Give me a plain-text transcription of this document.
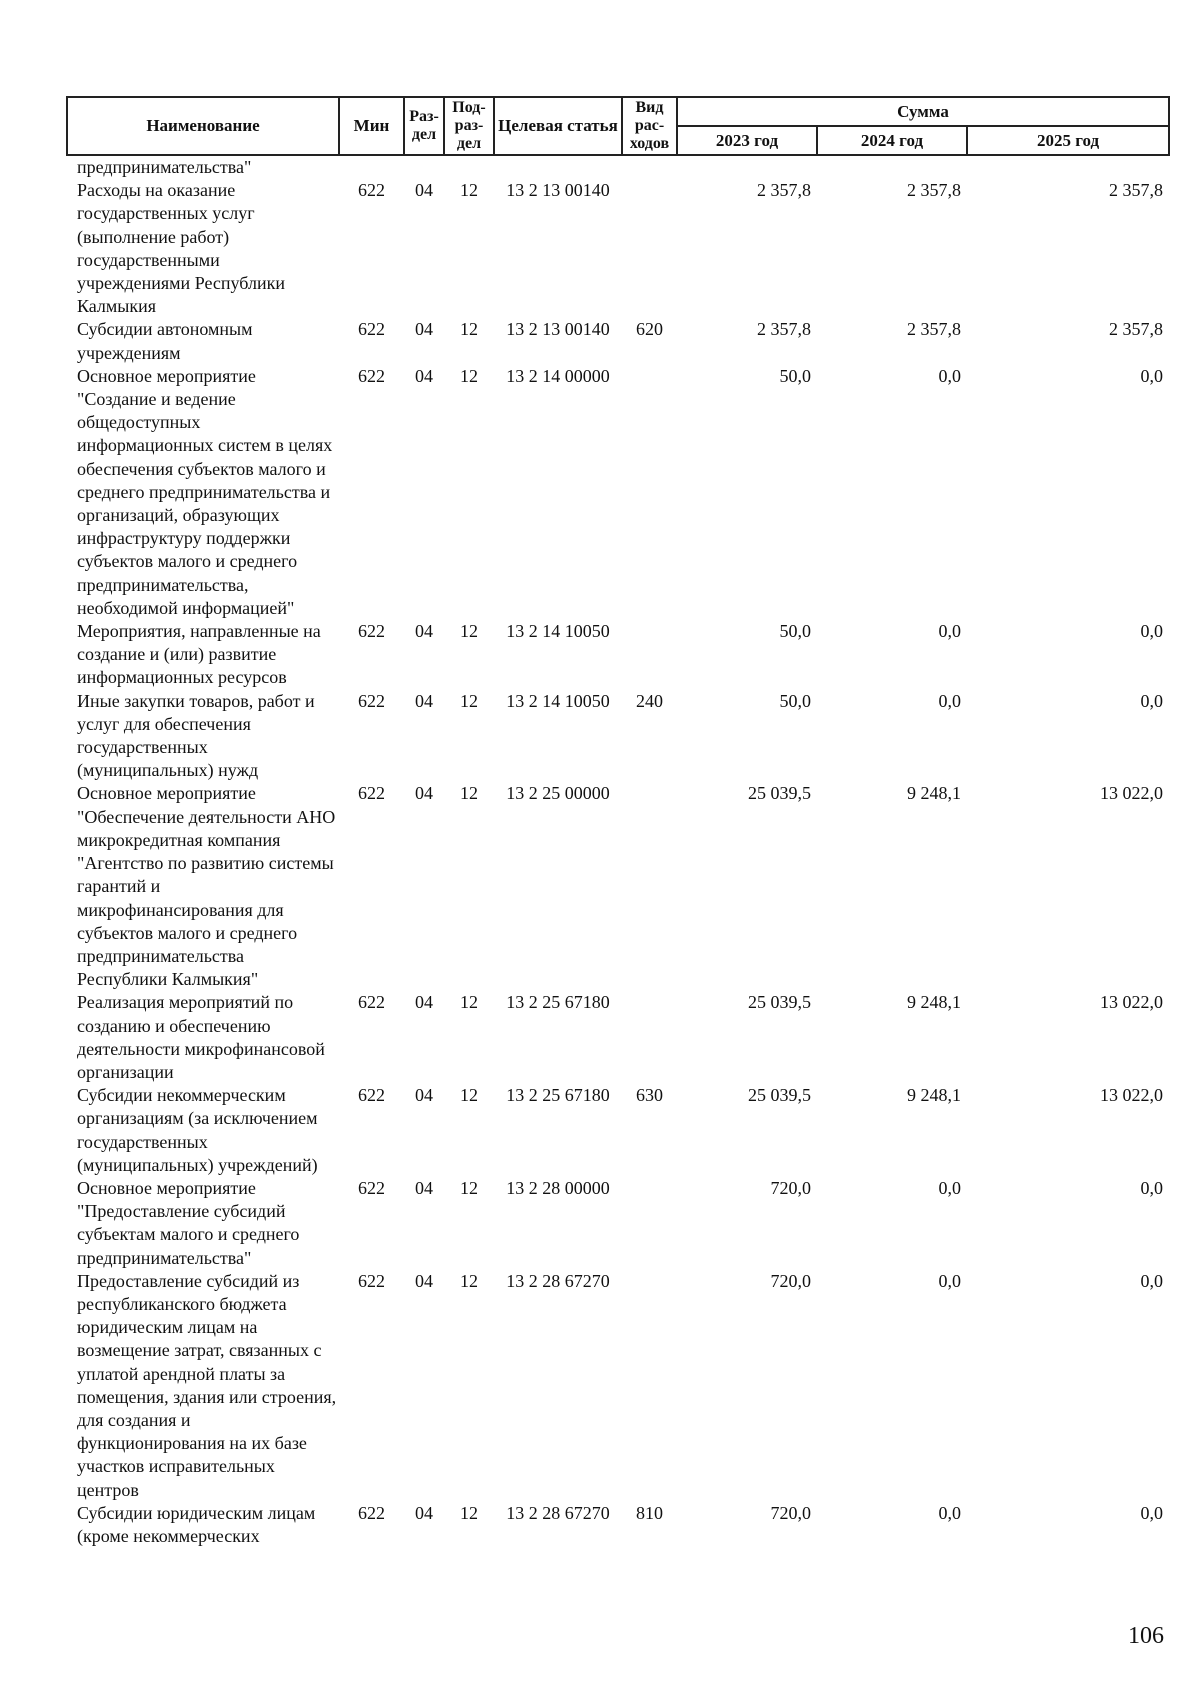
Наименование	Мин	Раз-дел	Под-раз-дел	Целевая статья	Вид рас-ходов	Сумма		
						2023 год	2024 год	2025 год
предпринимательства"								
Расходы на оказание государственных услуг (выполнение работ) государственными учреждениями Республики Калмыкия	622	04	12	13 2 13 00140		2 357,8	2 357,8	2 357,8
Субсидии автономным учреждениям	622	04	12	13 2 13 00140	620	2 357,8	2 357,8	2 357,8
Основное мероприятие "Создание и ведение общедоступных информационных систем в целях обеспечения субъектов малого и среднего предпринимательства и организаций, образующих инфраструктуру поддержки субъектов малого и среднего предпринимательства, необходимой информацией"	622	04	12	13 2 14 00000		50,0	0,0	0,0
Мероприятия, направленные на создание и (или) развитие информационных ресурсов	622	04	12	13 2 14 10050		50,0	0,0	0,0
Иные закупки товаров, работ и услуг для обеспечения государственных (муниципальных) нужд	622	04	12	13 2 14 10050	240	50,0	0,0	0,0
Основное мероприятие "Обеспечение деятельности АНО микрокредитная компания "Агентство по развитию системы гарантий и микрофинансирования для субъектов малого и среднего предпринимательства Республики Калмыкия"	622	04	12	13 2 25 00000		25 039,5	9 248,1	13 022,0
Реализация мероприятий по созданию и обеспечению деятельности микрофинансовой организации	622	04	12	13 2 25 67180		25 039,5	9 248,1	13 022,0
Субсидии некоммерческим организациям (за исключением государственных (муниципальных) учреждений)	622	04	12	13 2 25 67180	630	25 039,5	9 248,1	13 022,0
Основное мероприятие "Предоставление субсидий субъектам малого и среднего предпринимательства"	622	04	12	13 2 28 00000		720,0	0,0	0,0
Предоставление субсидий из республиканского бюджета юридическим лицам на возмещение затрат, связанных с уплатой арендной платы за помещения, здания или строения, для создания и функционирования на их базе участков исправительных центров	622	04	12	13 2 28 67270		720,0	0,0	0,0
Субсидии юридическим лицам (кроме некоммерческих	622	04	12	13 2 28 67270	810	720,0	0,0	0,0
106
